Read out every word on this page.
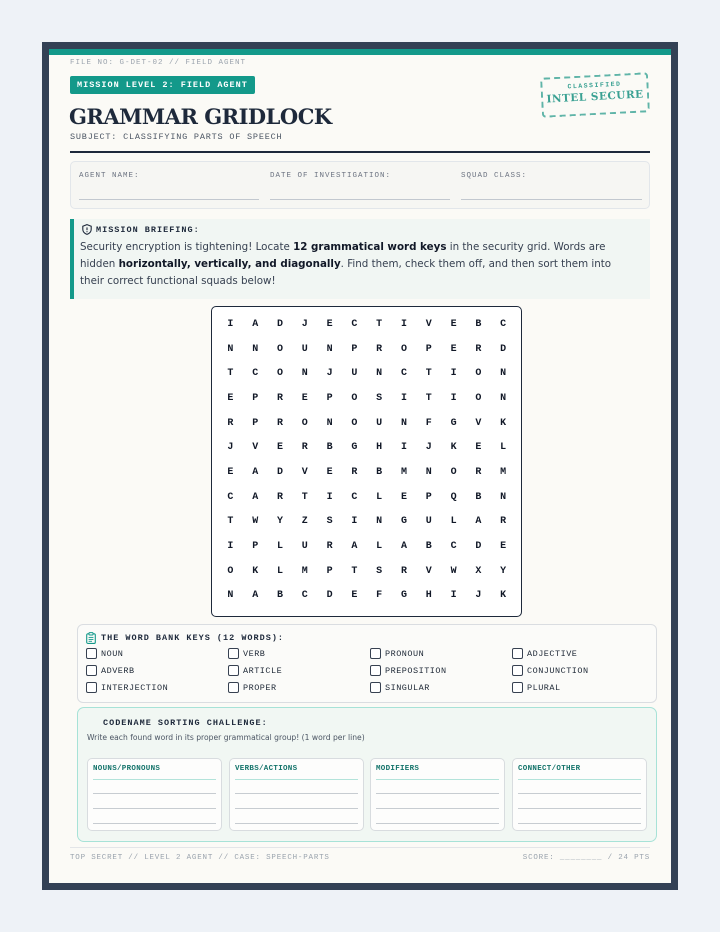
FILE NO: G-DET-02 // FIELD AGENT
MISSION LEVEL 2: FIELD AGENT
GRAMMAR GRIDLOCK
SUBJECT: CLASSIFYING PARTS OF SPEECH
CLASSIFIED
INTEL SECURE
AGENT NAME:	DATE OF INVESTIGATION:	SQUAD CLASS:
MISSION BRIEFING:
Security encryption is tightening! Locate 12 grammatical word keys in the security grid. Words are hidden horizontally, vertically, and diagonally. Find them, check them off, and then sort them into their correct functional squads below!
I	A	D	J	E	C	T	I	V	E	B	C
N	N	O	U	N	P	R	O	P	E	R	D
T	C	O	N	J	U	N	C	T	I	O	N
E	P	R	E	P	O	S	I	T	I	O	N
R	P	R	O	N	O	U	N	F	G	V	K
J	V	E	R	B	G	H	I	J	K	E	L
E	A	D	V	E	R	B	M	N	O	R	M
C	A	R	T	I	C	L	E	P	Q	B	N
T	W	Y	Z	S	I	N	G	U	L	A	R
I	P	L	U	R	A	L	A	B	C	D	E
O	K	L	M	P	T	S	R	V	W	X	Y
N	A	B	C	D	E	F	G	H	I	J	K
THE WORD BANK KEYS (12 WORDS):
NOUN	VERB	PRONOUN	ADJECTIVE
ADVERB	ARTICLE	PREPOSITION	CONJUNCTION
INTERJECTION	PROPER	SINGULAR	PLURAL
CODENAME SORTING CHALLENGE:
Write each found word in its proper grammatical group! (1 word per line)
NOUNS/PRONOUNS	VERBS/ACTIONS	MODIFIERS	CONNECT/OTHER
TOP SECRET // LEVEL 2 AGENT // CASE: SPEECH-PARTS	SCORE: ________ / 24 PTS
